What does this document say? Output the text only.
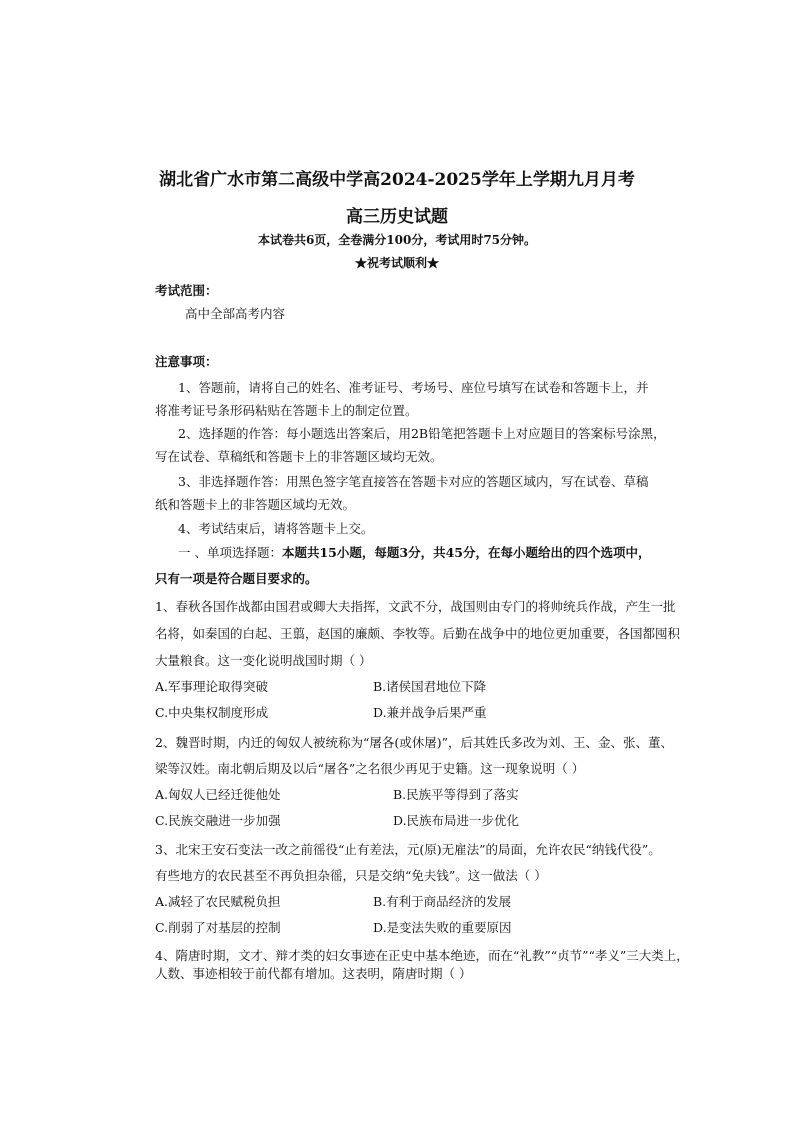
湖北省广水市第二高级中学高2024-2025学年上学期九月月考
高三历史试题
本试卷共6页，全卷满分100分，考试用时75分钟。
★祝考试顺利★
考试范围：
高中全部高考内容
注意事项：
1、答题前，请将自己的姓名、准考证号、考场号、座位号填写在试卷和答题卡上，并
将准考证号条形码粘贴在答题卡上的制定位置。
2、选择题的作答：每小题选出答案后，用2B铅笔把答题卡上对应题目的答案标号涂黑，
写在试卷、草稿纸和答题卡上的非答题区域均无效。
3、非选择题作答：用黑色签字笔直接答在答题卡对应的答题区域内，写在试卷、草稿
纸和答题卡上的非答题区域均无效。
4、考试结束后，请将答题卡上交。
一 、单项选择题：本题共15小题，每题3分，共45分，在每小题给出的四个选项中，
只有一项是符合题目要求的。
1、春秋各国作战都由国君或卿大夫指挥，文武不分，战国则由专门的将帅统兵作战，产生一批
名将，如秦国的白起、王翦，赵国的廉颇、李牧等。后勤在战争中的地位更加重要，各国都囤积
大量粮食。这一变化说明战国时期（ ）
A.军事理论取得突破	B.诸侯国君地位下降
C.中央集权制度形成	D.兼并战争后果严重
2、魏晋时期，内迁的匈奴人被统称为“屠各(或休屠)”，后其姓氏多改为刘、王、金、张、董、
梁等汉姓。南北朝后期及以后“屠各”之名很少再见于史籍。这一现象说明（ ）
A.匈奴人已经迁徙他处	B.民族平等得到了落实
C.民族交融进一步加强	D.民族布局进一步优化
3、北宋王安石变法一改之前徭役“止有差法，元(原)无雇法”的局面，允许农民“纳钱代役”。
有些地方的农民甚至不再负担杂徭，只是交纳“免夫钱”。这一做法（ ）
A.减轻了农民赋税负担	B.有利于商品经济的发展
C.削弱了对基层的控制	D.是变法失败的重要原因
4、隋唐时期，文才、辩才类的妇女事迹在正史中基本绝迹，而在“礼教”“贞节”“孝义”三大类上，
人数、事迹相较于前代都有增加。这表明，隋唐时期（ ）
